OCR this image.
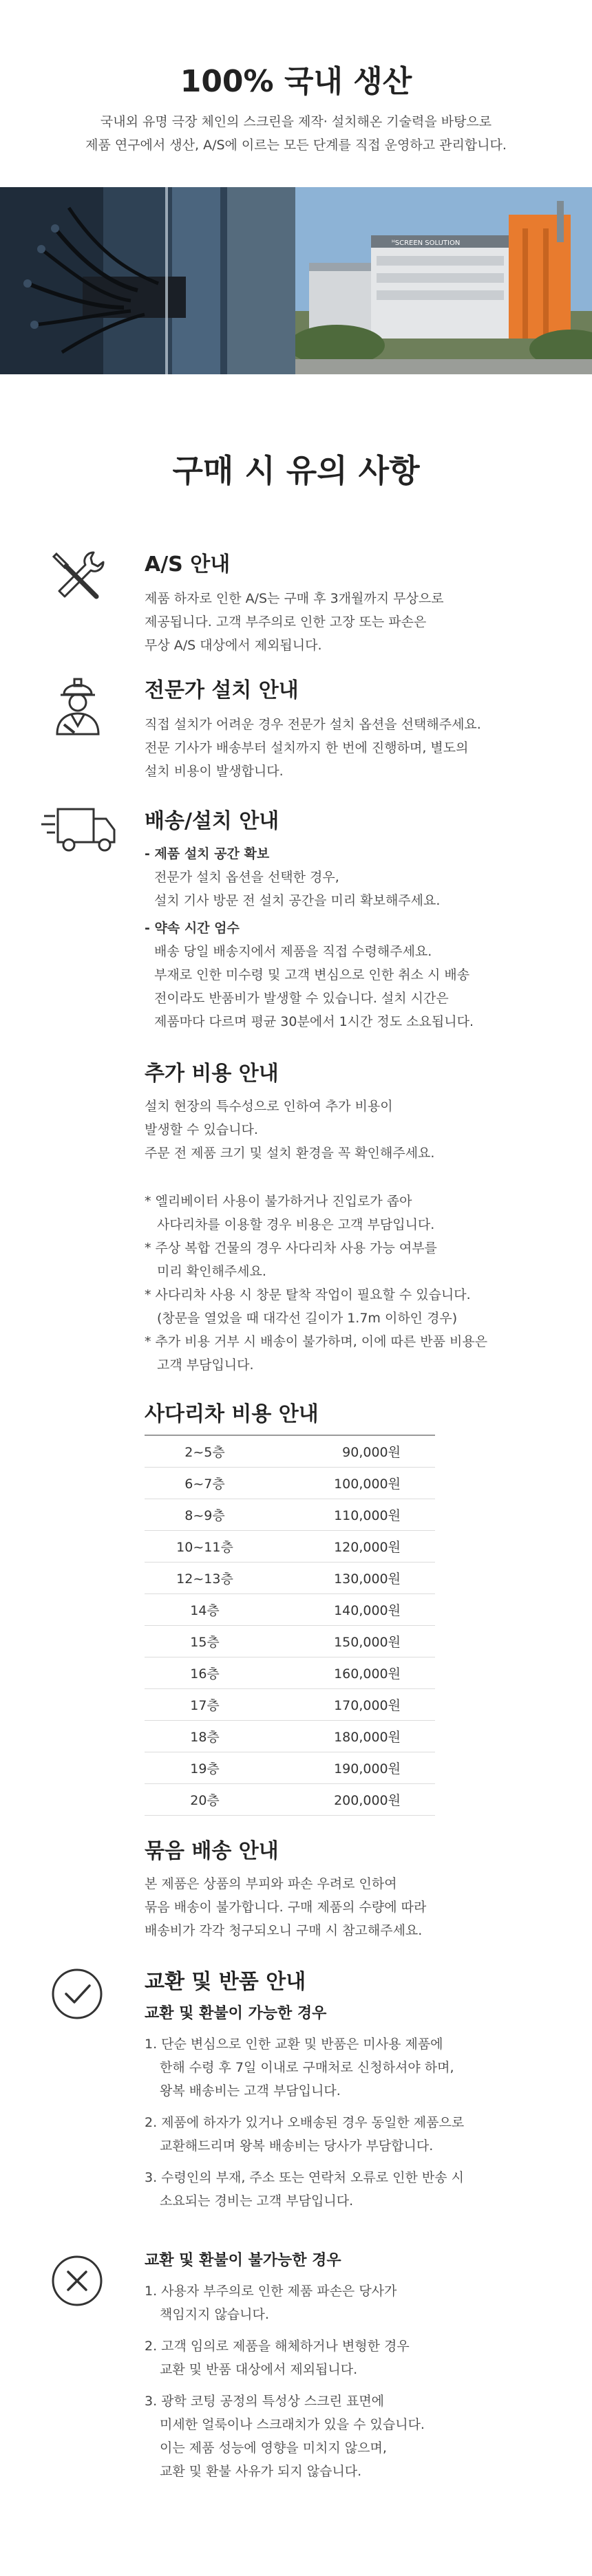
100% 국내 생산

국내외 유명 극장 체인의 스크린을 제작· 설치해온 기술력을 바탕으로

제품 연구에서 생산, A/S에 이르는 모든 단계를 직접 운영하고 관리합니다.

ᴴSCREEN SOLUTION
구매 시 유의 사항

A/S 안내

제품 하자로 인한 A/S는 구매 후 3개월까지 무상으로
제공됩니다. 고객 부주의로 인한 고장 또는 파손은
무상 A/S 대상에서 제외됩니다.

전문가 설치 안내

직접 설치가 어려운 경우 전문가 설치 옵션을 선택해주세요.
전문 기사가 배송부터 설치까지 한 번에 진행하며, 별도의
설치 비용이 발생합니다.

배송/설치 안내

- 제품 설치 공간 확보
전문가 설치 옵션을 선택한 경우,
설치 기사 방문 전 설치 공간을 미리 확보해주세요.
- 약속 시간 엄수
배송 당일 배송지에서 제품을 직접 수령해주세요.
부재로 인한 미수령 및 고객 변심으로 인한 취소 시 배송
전이라도 반품비가 발생할 수 있습니다. 설치 시간은
제품마다 다르며 평균 30분에서 1시간 정도 소요됩니다.

추가 비용 안내

설치 현장의 특수성으로 인하여 추가 비용이
발생할 수 있습니다.
주문 전 제품 크기 및 설치 환경을 꼭 확인해주세요.
* 엘리베이터 사용이 불가하거나 진입로가 좁아
사다리차를 이용할 경우 비용은 고객 부담입니다.
* 주상 복합 건물의 경우 사다리차 사용 가능 여부를
미리 확인해주세요.
* 사다리차 사용 시 창문 탈착 작업이 필요할 수 있습니다.
(창문을 열었을 때 대각선 길이가 1.7m 이하인 경우)
* 추가 비용 거부 시 배송이 불가하며, 이에 따른 반품 비용은
고객 부담입니다.

사다리차 비용 안내

2~5층	90,000원
6~7층	100,000원
8~9층	110,000원
10~11층	120,000원
12~13층	130,000원
14층	140,000원
15층	150,000원
16층	160,000원
17층	170,000원
18층	180,000원
19층	190,000원
20층	200,000원

묶음 배송 안내

본 제품은 상품의 부피와 파손 우려로 인하여
묶음 배송이 불가합니다. 구매 제품의 수량에 따라
배송비가 각각 청구되오니 구매 시 참고해주세요.

교환 및 반품 안내

교환 및 환불이 가능한 경우

1. 단순 변심으로 인한 교환 및 반품은 미사용 제품에
한해 수령 후 7일 이내로 구매처로 신청하셔야 하며,
왕복 배송비는 고객 부담입니다.
2. 제품에 하자가 있거나 오배송된 경우 동일한 제품으로
교환해드리며 왕복 배송비는 당사가 부담합니다.
3. 수령인의 부재, 주소 또는 연락처 오류로 인한 반송 시
소요되는 경비는 고객 부담입니다.

교환 및 환불이 불가능한 경우

1. 사용자 부주의로 인한 제품 파손은 당사가
책임지지 않습니다.
2. 고객 임의로 제품을 해체하거나 변형한 경우
교환 및 반품 대상에서 제외됩니다.
3. 광학 코팅 공정의 특성상 스크린 표면에
미세한 얼룩이나 스크래치가 있을 수 있습니다.
이는 제품 성능에 영향을 미치지 않으며,
교환 및 환불 사유가 되지 않습니다.
